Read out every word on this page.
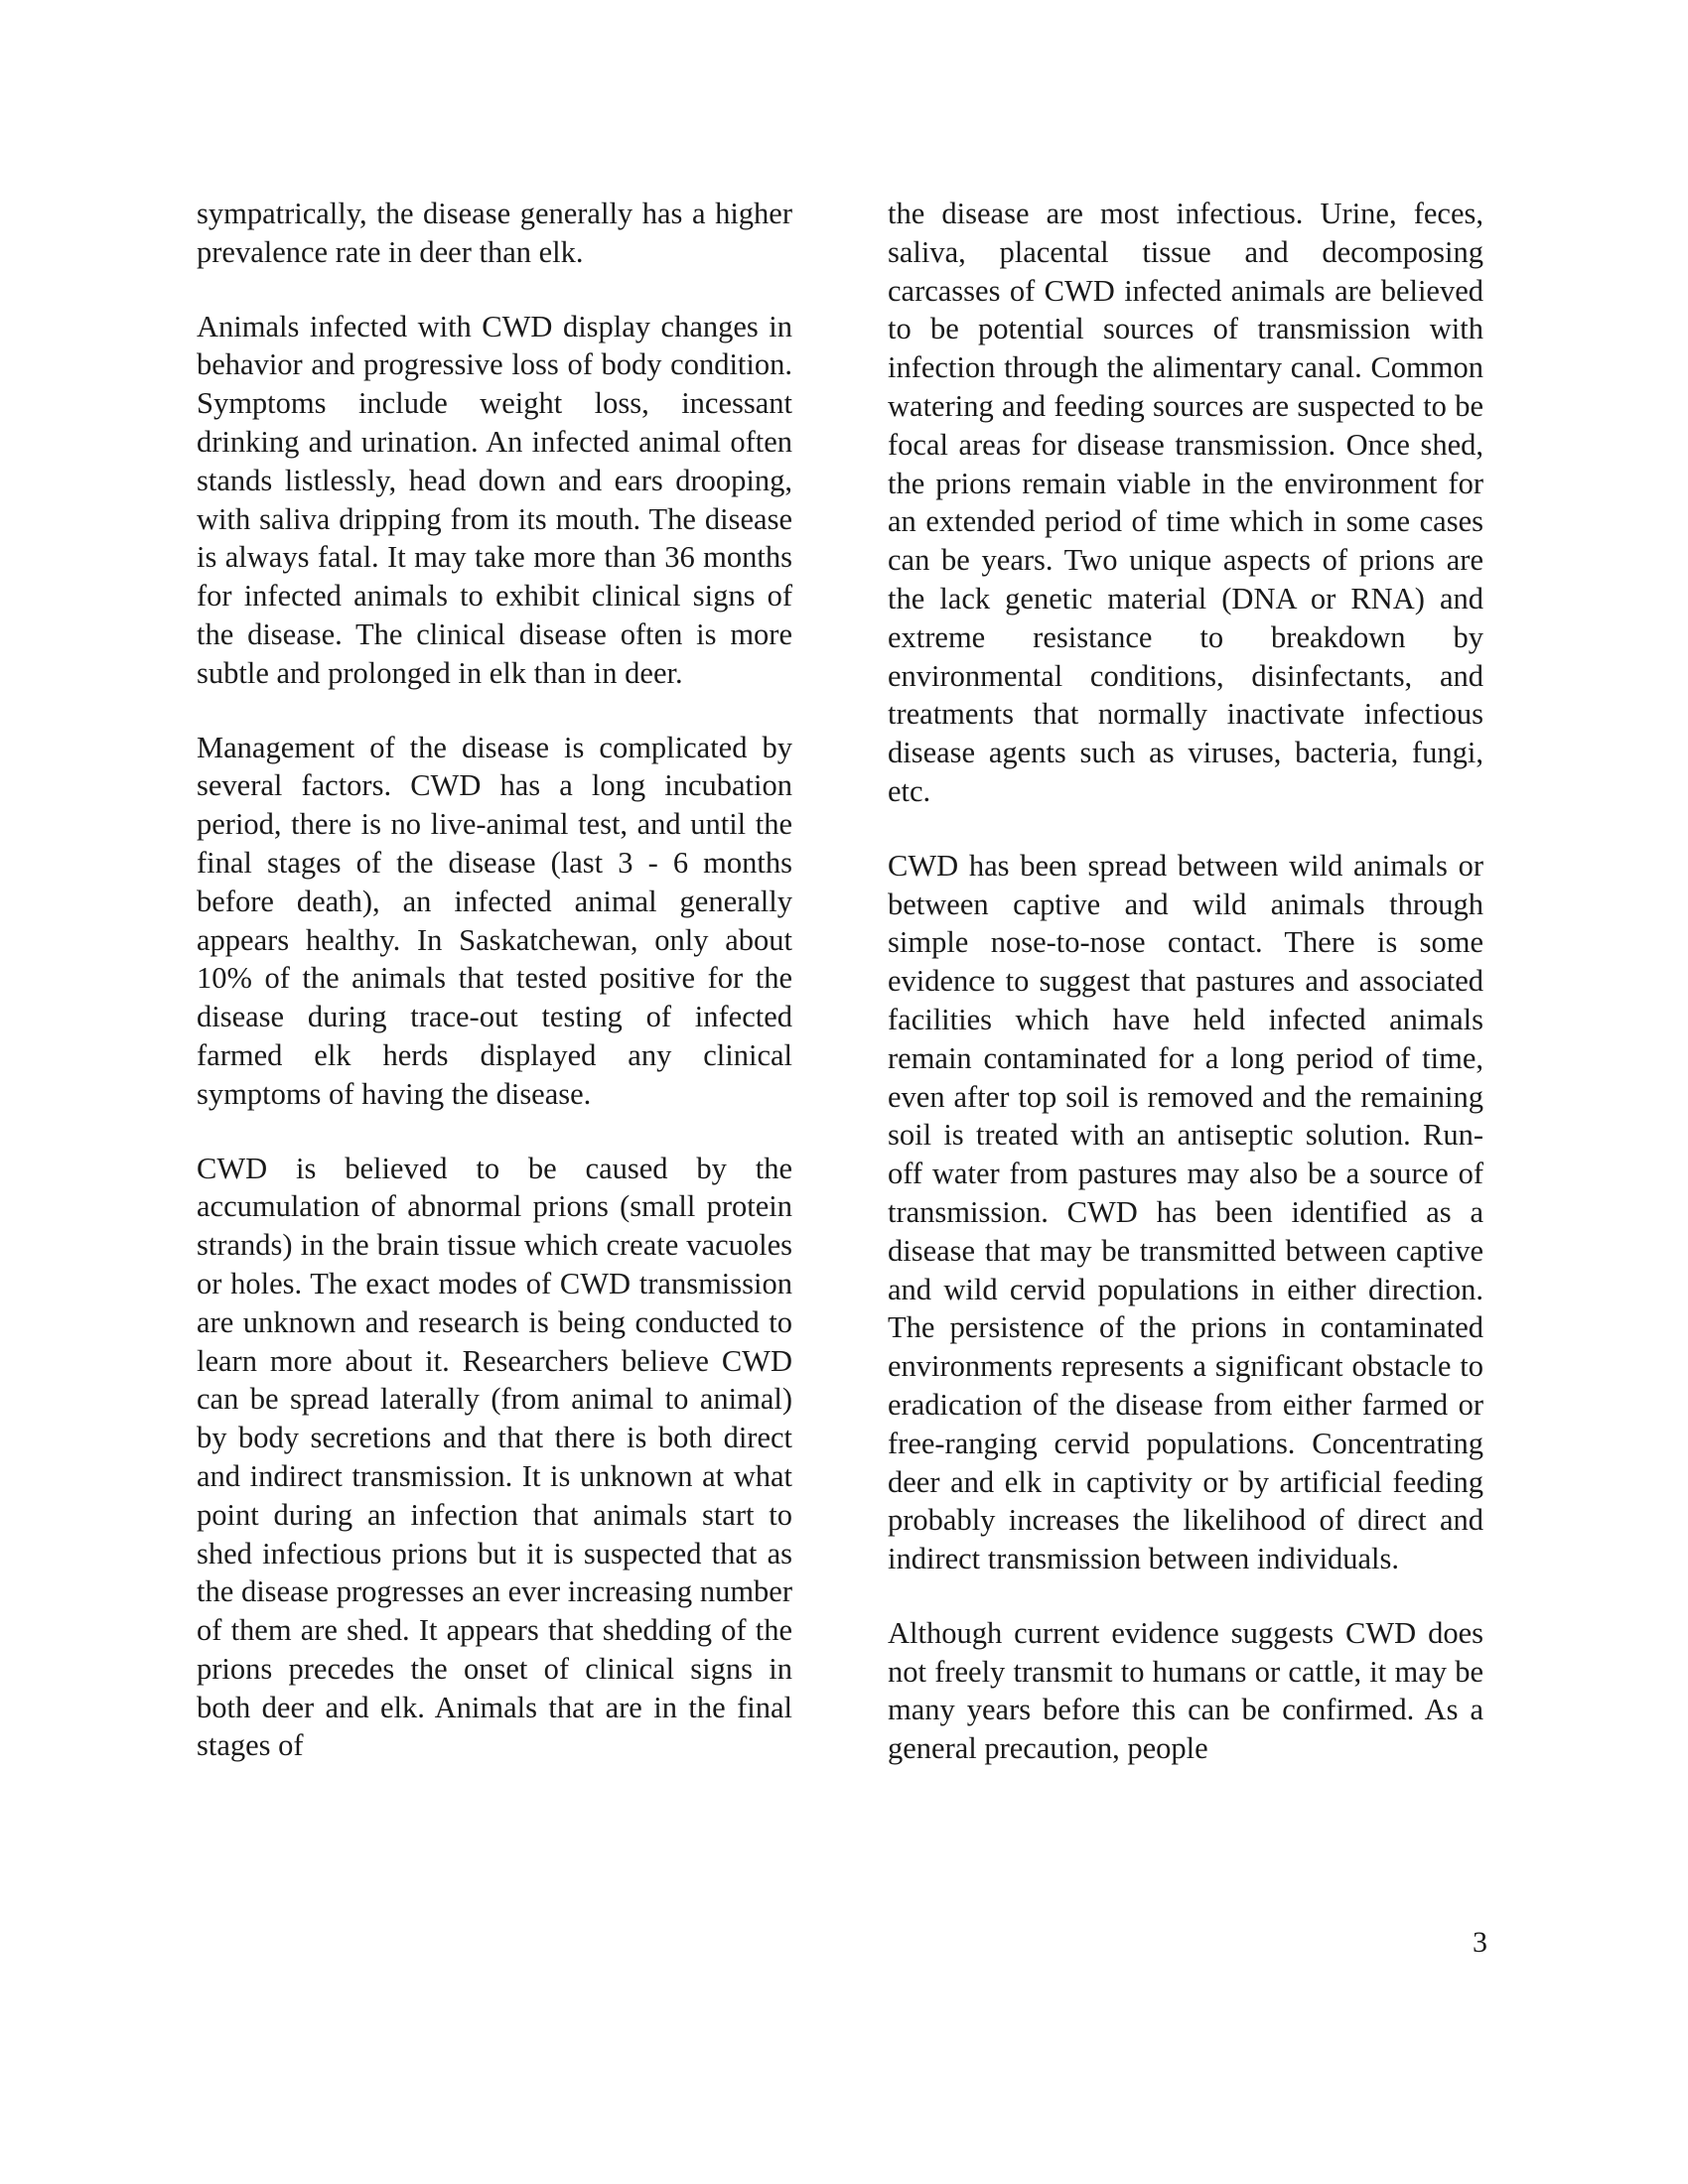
sympatrically, the disease generally has a higher prevalence rate in deer than elk.

Animals infected with CWD display changes in behavior and progressive loss of body condition. Symptoms include weight loss, incessant drinking and urination. An infected animal often stands listlessly, head down and ears drooping, with saliva dripping from its mouth. The disease is always fatal. It may take more than 36 months for infected animals to exhibit clinical signs of the disease. The clinical disease often is more subtle and prolonged in elk than in deer.

Management of the disease is complicated by several factors. CWD has a long incubation period, there is no live-animal test, and until the final stages of the disease (last 3 - 6 months before death), an infected animal generally appears healthy. In Saskatchewan, only about 10% of the animals that tested positive for the disease during trace-out testing of infected farmed elk herds displayed any clinical symptoms of having the disease.

CWD is believed to be caused by the accumulation of abnormal prions (small protein strands) in the brain tissue which create vacuoles or holes. The exact modes of CWD transmission are unknown and research is being conducted to learn more about it. Researchers believe CWD can be spread laterally (from animal to animal) by body secretions and that there is both direct and indirect transmission. It is unknown at what point during an infection that animals start to shed infectious prions but it is suspected that as the disease progresses an ever increasing number of them are shed. It appears that shedding of the prions precedes the onset of clinical signs in both deer and elk. Animals that are in the final stages of

the disease are most infectious. Urine, feces, saliva, placental tissue and decomposing carcasses of CWD infected animals are believed to be potential sources of transmission with infection through the alimentary canal. Common watering and feeding sources are suspected to be focal areas for disease transmission. Once shed, the prions remain viable in the environment for an extended period of time which in some cases can be years. Two unique aspects of prions are the lack genetic material (DNA or RNA) and extreme resistance to breakdown by environmental conditions, disinfectants, and treatments that normally inactivate infectious disease agents such as viruses, bacteria, fungi, etc.

CWD has been spread between wild animals or between captive and wild animals through simple nose-to-nose contact. There is some evidence to suggest that pastures and associated facilities which have held infected animals remain contaminated for a long period of time, even after top soil is removed and the remaining soil is treated with an antiseptic solution. Run-off water from pastures may also be a source of transmission. CWD has been identified as a disease that may be transmitted between captive and wild cervid populations in either direction. The persistence of the prions in contaminated environments represents a significant obstacle to eradication of the disease from either farmed or free-ranging cervid populations. Concentrating deer and elk in captivity or by artificial feeding probably increases the likelihood of direct and indirect transmission between individuals.

Although current evidence suggests CWD does not freely transmit to humans or cattle, it may be many years before this can be confirmed. As a general precaution, people

3
